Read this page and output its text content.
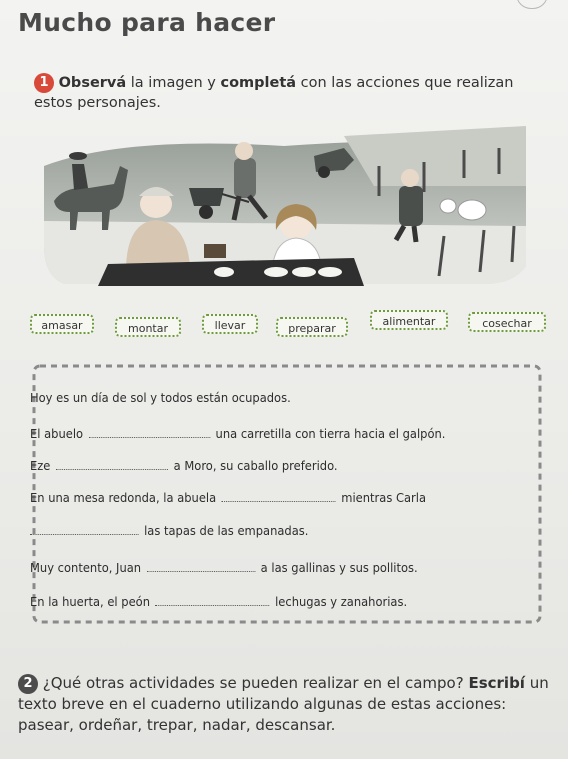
Mucho para hacer
1 Observá la imagen y completá con las acciones que realizan estos personajes.
amasar	montar	llevar	preparar
alimentar	cosechar
Hoy es un día de sol y todos están ocupados.
El abuelo	una carretilla con tierra hacia el galpón.
Eze	a Moro, su caballo preferido.
En una mesa redonda, la abuela	mientras Carla
las tapas de las empanadas.
Muy contento, Juan	a las gallinas y sus pollitos.
En la huerta, el peón	lechugas y zanahorias.
2 ¿Qué otras actividades se pueden realizar en el campo? Escribí un texto breve en el cuaderno utilizando algunas de estas acciones: pasear, ordeñar, trepar, nadar, descansar.
